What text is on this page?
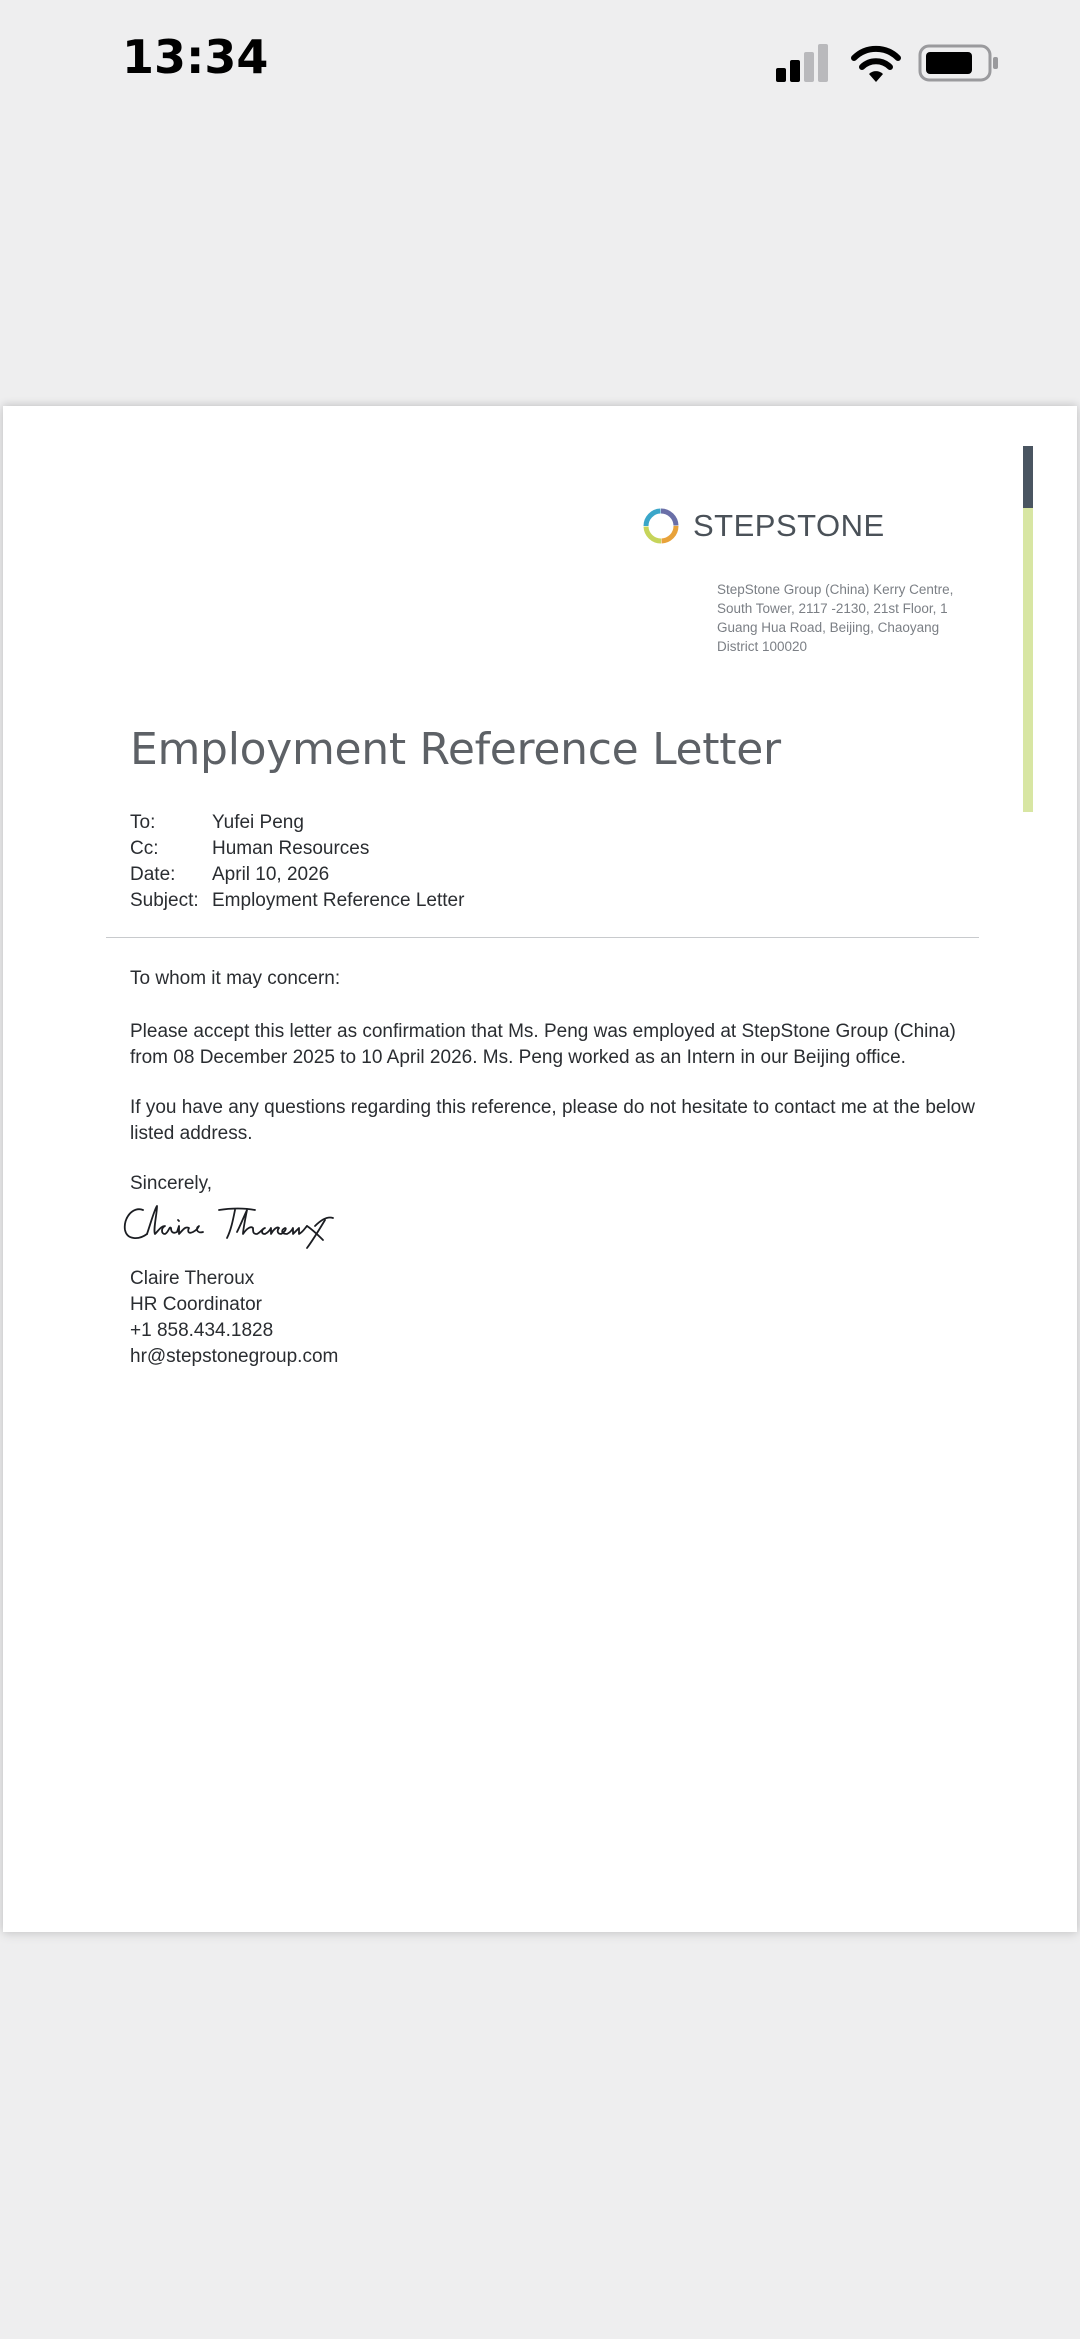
13:34
STEPSTONE
StepStone Group (China) Kerry Centre, South Tower, 2117 -2130, 21st Floor, 1 Guang Hua Road, Beijing, Chaoyang District 100020
Employment Reference Letter
To:	Yufei Peng
Cc:	Human Resources
Date:	April 10, 2026
Subject: Employment Reference Letter

To whom it may concern:

Please accept this letter as confirmation that Ms. Peng was employed at StepStone Group (China) from 08 December 2025 to 10 April 2026. Ms. Peng worked as an Intern in our Beijing office.

If you have any questions regarding this reference, please do not hesitate to contact me at the below listed address.

Sincerely,

Claire Theroux
HR Coordinator
+1 858.434.1828
hr@stepstonegroup.com
